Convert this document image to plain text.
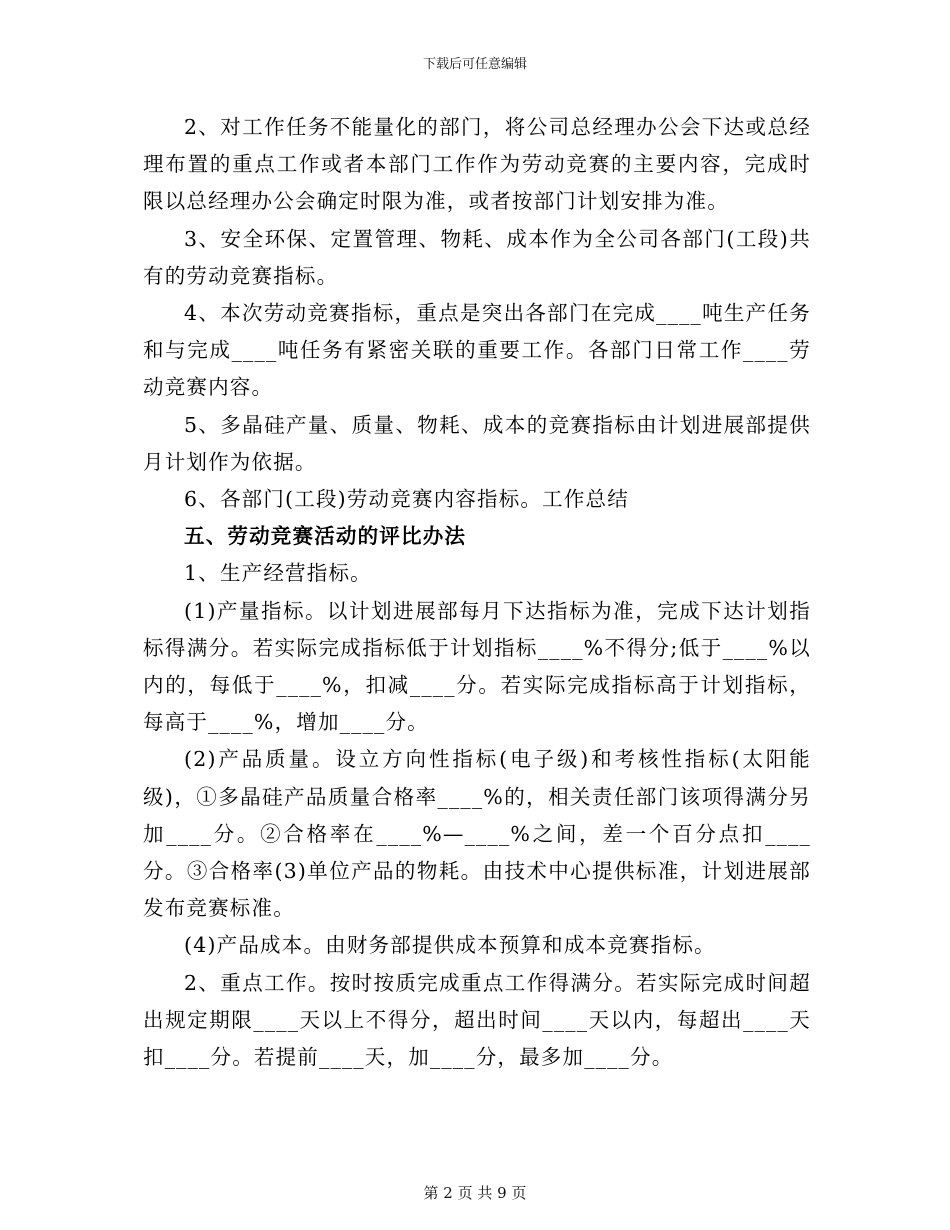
下载后可任意编辑

2、对工作任务不能量化的部门，将公司总经理办公会下达或总经理布置的重点工作或者本部门工作作为劳动竞赛的主要内容，完成时限以总经理办公会确定时限为准，或者按部门计划安排为准。

3、安全环保、定置管理、物耗、成本作为全公司各部门(工段)共有的劳动竞赛指标。

4、本次劳动竞赛指标，重点是突出各部门在完成____吨生产任务和与完成____吨任务有紧密关联的重要工作。各部门日常工作____劳动竞赛内容。

5、多晶硅产量、质量、物耗、成本的竞赛指标由计划进展部提供月计划作为依据。

6、各部门(工段)劳动竞赛内容指标。工作总结

五、劳动竞赛活动的评比办法

1、生产经营指标。

(1)产量指标。以计划进展部每月下达指标为准，完成下达计划指标得满分。若实际完成指标低于计划指标____%不得分;低于____%以内的，每低于____%，扣减____分。若实际完成指标高于计划指标，每高于____%，增加____分。

(2)产品质量。设立方向性指标(电子级)和考核性指标(太阳能级)，①多晶硅产品质量合格率____%的，相关责任部门该项得满分另加____分。②合格率在____%—____%之间，差一个百分点扣____分。③合格率(3)单位产品的物耗。由技术中心提供标准，计划进展部发布竞赛标准。

(4)产品成本。由财务部提供成本预算和成本竞赛指标。

2、重点工作。按时按质完成重点工作得满分。若实际完成时间超出规定期限____天以上不得分，超出时间____天以内，每超出____天扣____分。若提前____天，加____分，最多加____分。

第 2 页 共 9 页
